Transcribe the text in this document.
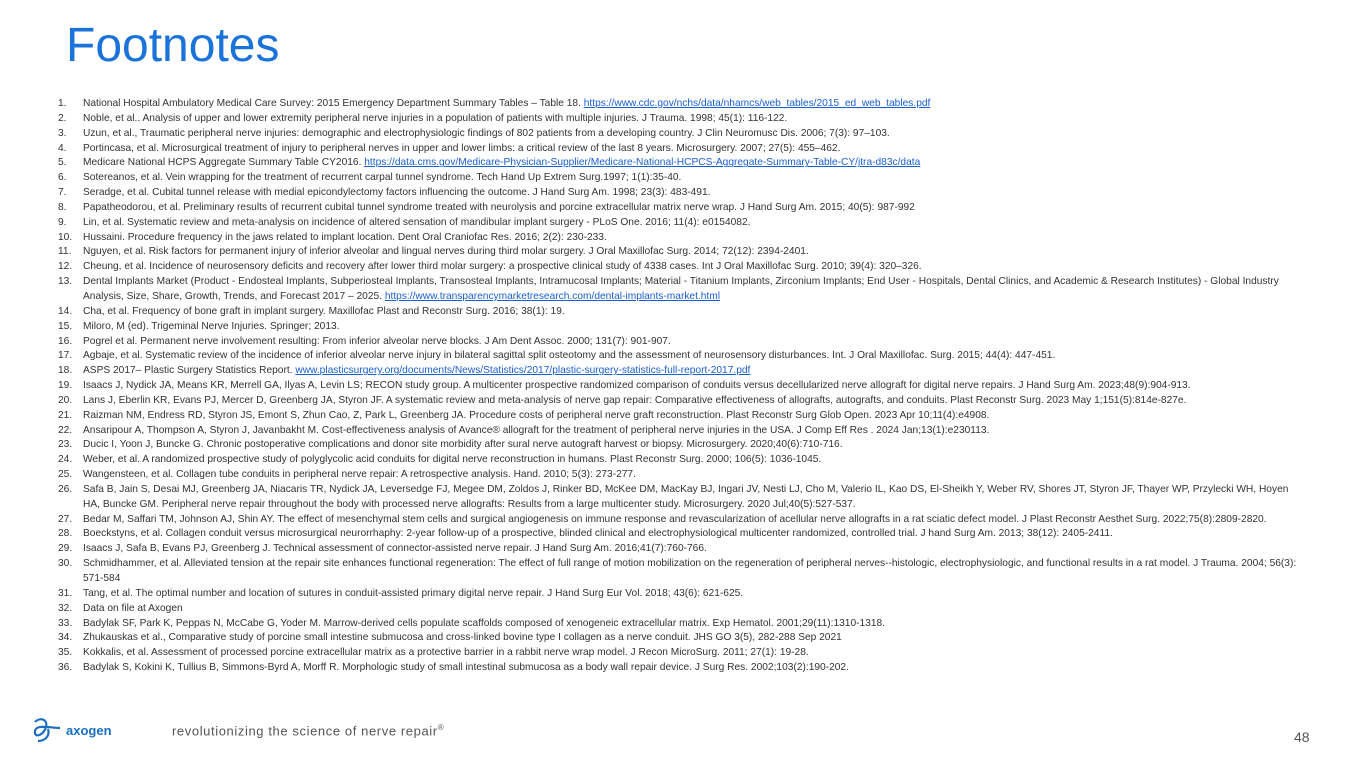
Footnotes
1.	National Hospital Ambulatory Medical Care Survey: 2015 Emergency Department Summary Tables – Table 18. https://www.cdc.gov/nchs/data/nhamcs/web_tables/2015_ed_web_tables.pdf
2.	Noble, et al.. Analysis of upper and lower extremity peripheral nerve injuries in a population of patients with multiple injuries. J Trauma. 1998; 45(1): 116-122.
3.	Uzun, et al., Traumatic peripheral nerve injuries: demographic and electrophysiologic findings of 802 patients from a developing country. J Clin Neuromusc Dis. 2006; 7(3): 97–103.
4.	Portincasa, et al. Microsurgical treatment of injury to peripheral nerves in upper and lower limbs: a critical review of the last 8 years. Microsurgery. 2007; 27(5): 455–462.
5.	Medicare National HCPS Aggregate Summary Table CY2016. https://data.cms.gov/Medicare-Physician-Supplier/Medicare-National-HCPCS-Aggregate-Summary-Table-CY/jtra-d83c/data
6.	Sotereanos, et al. Vein wrapping for the treatment of recurrent carpal tunnel syndrome. Tech Hand Up Extrem Surg.1997; 1(1):35-40.
7.	Seradge, et al. Cubital tunnel release with medial epicondylectomy factors influencing the outcome. J Hand Surg Am. 1998; 23(3): 483-491.
8.	Papatheodorou, et al. Preliminary results of recurrent cubital tunnel syndrome treated with neurolysis and porcine extracellular matrix nerve wrap. J Hand Surg Am. 2015; 40(5): 987-992
9.	Lin, et al. Systematic review and meta-analysis on incidence of altered sensation of mandibular implant surgery - PLoS One. 2016; 11(4): e0154082.
10.	Hussaini. Procedure frequency in the jaws related to implant location. Dent Oral Craniofac Res. 2016; 2(2): 230-233.
11.	Nguyen, et al. Risk factors for permanent injury of inferior alveolar and lingual nerves during third molar surgery. J Oral Maxillofac Surg. 2014; 72(12): 2394-2401.
12.	Cheung, et al. Incidence of neurosensory deficits and recovery after lower third molar surgery: a prospective clinical study of 4338 cases. Int J Oral Maxillofac Surg. 2010; 39(4): 320–326.
13.	Dental Implants Market (Product - Endosteal Implants, Subperiosteal Implants, Transosteal Implants, Intramucosal Implants; Material - Titanium Implants, Zirconium Implants; End User - Hospitals, Dental Clinics, and Academic & Research Institutes) - Global Industry Analysis, Size, Share, Growth, Trends, and Forecast 2017 – 2025. https://www.transparencymarketresearch.com/dental-implants-market.html
14.	Cha, et al. Frequency of bone graft in implant surgery. Maxillofac Plast and Reconstr Surg. 2016; 38(1): 19.
15.	Miloro, M (ed). Trigeminal Nerve Injuries. Springer; 2013.
16.	Pogrel et al. Permanent nerve involvement resulting: From inferior alveolar nerve blocks. J Am Dent Assoc. 2000; 131(7): 901-907.
17.	Agbaje, et al. Systematic review of the incidence of inferior alveolar nerve injury in bilateral sagittal split osteotomy and the assessment of neurosensory disturbances. Int. J Oral Maxillofac. Surg. 2015; 44(4): 447-451.
18.	ASPS 2017– Plastic Surgery Statistics Report. www.plasticsurgery.org/documents/News/Statistics/2017/plastic-surgery-statistics-full-report-2017.pdf
19.	Isaacs J, Nydick JA, Means KR, Merrell GA, Ilyas A, Levin LS; RECON study group. A multicenter prospective randomized comparison of conduits versus decellularized nerve allograft for digital nerve repairs. J Hand Surg Am. 2023;48(9):904-913.
20.	Lans J, Eberlin KR, Evans PJ, Mercer D, Greenberg JA, Styron JF. A systematic review and meta-analysis of nerve gap repair: Comparative effectiveness of allografts, autografts, and conduits. Plast Reconstr Surg. 2023 May 1;151(5):814e-827e.
21.	Raizman NM, Endress RD, Styron JS, Emont S, Zhun Cao, Z, Park L, Greenberg JA. Procedure costs of peripheral nerve graft reconstruction. Plast Reconstr Surg Glob Open. 2023 Apr 10;11(4):e4908.
22.	Ansaripour A, Thompson A, Styron J, Javanbakht M. Cost-effectiveness analysis of Avance® allograft for the treatment of peripheral nerve injuries in the USA. J Comp Eff Res . 2024 Jan;13(1):e230113.
23.	Ducic I, Yoon J, Buncke G. Chronic postoperative complications and donor site morbidity after sural nerve autograft harvest or biopsy. Microsurgery. 2020;40(6):710-716.
24.	Weber, et al. A randomized prospective study of polyglycolic acid conduits for digital nerve reconstruction in humans. Plast Reconstr Surg. 2000; 106(5): 1036-1045.
25.	Wangensteen, et al. Collagen tube conduits in peripheral nerve repair: A retrospective analysis. Hand. 2010; 5(3): 273-277.
26.	Safa B, Jain S, Desai MJ, Greenberg JA, Niacaris TR, Nydick JA, Leversedge FJ, Megee DM, Zoldos J, Rinker BD, McKee DM, MacKay BJ, Ingari JV, Nesti LJ, Cho M, Valerio IL, Kao DS, El-Sheikh Y, Weber RV, Shores JT, Styron JF, Thayer WP, Przylecki WH, Hoyen HA, Buncke GM. Peripheral nerve repair throughout the body with processed nerve allografts: Results from a large multicenter study. Microsurgery. 2020 Jul;40(5):527-537.
27.	Bedar M, Saffari TM, Johnson AJ, Shin AY. The effect of mesenchymal stem cells and surgical angiogenesis on immune response and revascularization of acellular nerve allografts in a rat sciatic defect model. J Plast Reconstr Aesthet Surg. 2022;75(8):2809-2820.
28.	Boeckstyns, et al. Collagen conduit versus microsurgical neurorrhaphy: 2-year follow-up of a prospective, blinded clinical and electrophysiological multicenter randomized, controlled trial. J hand Surg Am. 2013; 38(12): 2405-2411.
29.	Isaacs J, Safa B, Evans PJ, Greenberg J. Technical assessment of connector-assisted nerve repair. J Hand Surg Am. 2016;41(7):760-766.
30.	Schmidhammer, et al. Alleviated tension at the repair site enhances functional regeneration: The effect of full range of motion mobilization on the regeneration of peripheral nerves--histologic, electrophysiologic, and functional results in a rat model. J Trauma. 2004; 56(3): 571-584
31.	Tang, et al. The optimal number and location of sutures in conduit-assisted primary digital nerve repair. J Hand Surg Eur Vol. 2018; 43(6): 621-625.
32.	Data on file at Axogen
33.	Badylak SF, Park K, Peppas N, McCabe G, Yoder M. Marrow-derived cells populate scaffolds composed of xenogeneic extracellular matrix. Exp Hematol. 2001;29(11):1310-1318.
34.	Zhukauskas et al., Comparative study of porcine small intestine submucosa and cross-linked bovine type I collagen as a nerve conduit. JHS GO 3(5), 282-288 Sep 2021
35.	Kokkalis, et al. Assessment of processed porcine extracellular matrix as a protective barrier in a rabbit nerve wrap model. J Recon MicroSurg. 2011; 27(1): 19-28.
36.	Badylak S, Kokini K, Tullius B, Simmons-Byrd A, Morff R. Morphologic study of small intestinal submucosa as a body wall repair device. J Surg Res. 2002;103(2):190-202.
axogen	revolutionizing the science of nerve repair®
48
